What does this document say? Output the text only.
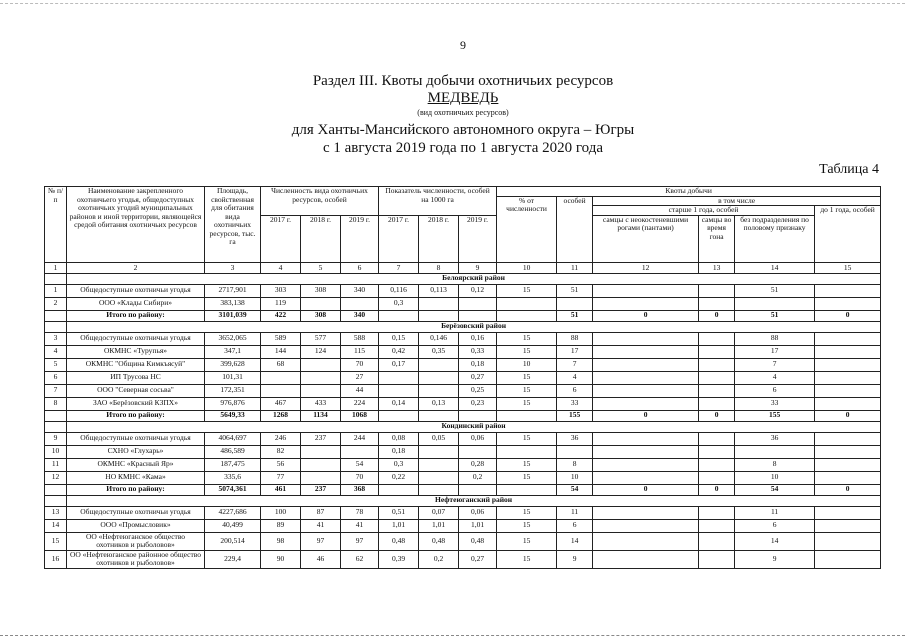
9
Раздел III. Квоты добычи охотничьих ресурсов
МЕДВЕДЬ
(вид охотничьих ресурсов)
для Ханты-Мансийского автономного округа – Югры
с 1 августа 2019 года по 1 августа 2020 года
Таблица 4
№ п/п	Наименование закрепленного охотничьего угодья, общедоступных охотничьих угодий муниципальных районов и иной территории, являющейся средой обитания охотничьих ресурсов	Площадь, свойственная для обитания вида охотничьих ресурсов, тыс. га	Численность вида охотничьих ресурсов, особей			Показатель численности, особей на 1000 га			Квоты добычи					
									% от численности	особей	в том числе			
											старше 1 года, особей			до 1 года, особей
			2017 г.	2018 г.	2019 г.	2017 г.	2018 г.	2019 г.			самцы с неокостеневшими рогами (пантами)	самцы во время гона	без подразделения по половому признаку	
1	2	3	4	5	6	7	8	9	10	11	12	13	14	15
	Белоярский район													
1	Общедоступные охотничьи угодья	2717,901	303	308	340	0,116	0,113	0,12	15	51			51	
2	ООО «Клады Сибири»	383,138	119			0,3								
	Итого по району:	3101,039	422	308	340					51	0	0	51	0
	Берёзовский район													
3	Общедоступные охотничьи угодья	3652,065	589	577	588	0,15	0,146	0,16	15	88			88	
4	ОКМНС «Турупья»	347,1	144	124	115	0,42	0,35	0,33	15	17			17	
5	ОКМНС "Община Кимкъясуй"	399,628	68		70	0,17		0,18	10	7			7	
6	ИП Трусова НС	101,31			27			0,27	15	4			4	
7	ООО "Северная сосьва"	172,351			44			0,25	15	6			6	
8	ЗАО «Берёзовский КЗПХ»	976,876	467	433	224	0,14	0,13	0,23	15	33			33	
	Итого по району:	5649,33	1268	1134	1068					155	0	0	155	0
	Кондинский район													
9	Общедоступные охотничьи угодья	4064,697	246	237	244	0,08	0,05	0,06	15	36			36	
10	СХНО «Глухарь»	486,589	82			0,18								
11	ОКМНС «Красный Яр»	187,475	56		54	0,3		0,28	15	8			8	
12	НО КМНС «Кама»	335,6	77		70	0,22		0,2	15	10			10	
	Итого по району:	5074,361	461	237	368					54	0	0	54	0
	Нефтеюганский район													
13	Общедоступные охотничьи угодья	4227,686	100	87	78	0,51	0,07	0,06	15	11			11	
14	ООО «Промысловик»	40,499	89	41	41	1,01	1,01	1,01	15	6			6	
15	ОО «Нефтеюганское общество охотников и рыболовов»	200,514	98	97	97	0,48	0,48	0,48	15	14			14	
16	ОО «Нефтеюганское районное общество охотников и рыболовов»	229,4	90	46	62	0,39	0,2	0,27	15	9			9	
